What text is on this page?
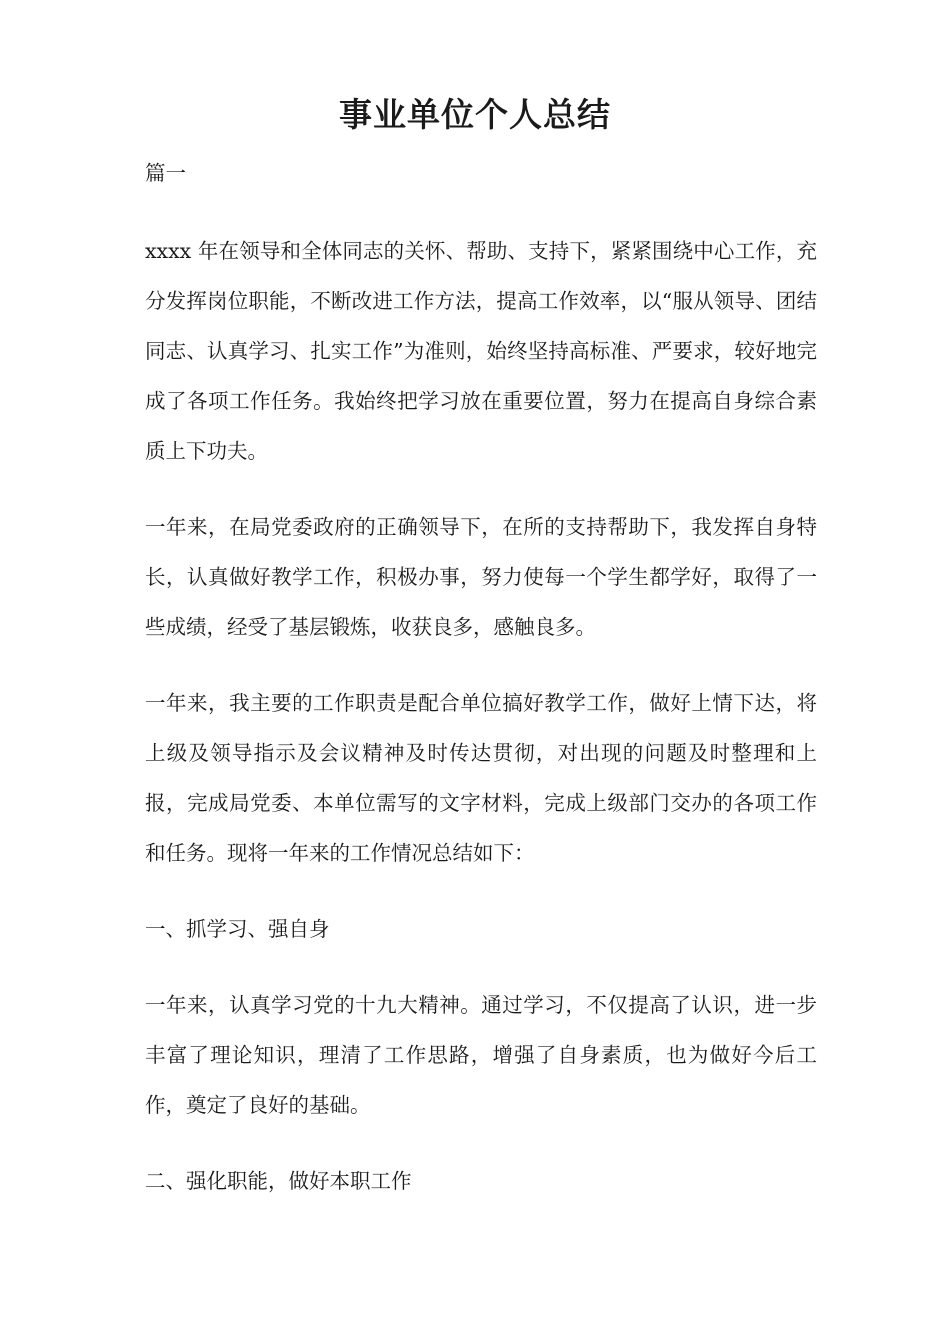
事业单位个人总结

篇一

xxxx 年在领导和全体同志的关怀、帮助、支持下，紧紧围绕中心工作，充分发挥岗位职能，不断改进工作方法，提高工作效率，以“服从领导、团结同志、认真学习、扎实工作”为准则，始终坚持高标准、严要求，较好地完成了各项工作任务。我始终把学习放在重要位置，努力在提高自身综合素质上下功夫。

一年来，在局党委政府的正确领导下，在所的支持帮助下，我发挥自身特长，认真做好教学工作，积极办事，努力使每一个学生都学好，取得了一些成绩，经受了基层锻炼，收获良多，感触良多。

一年来，我主要的工作职责是配合单位搞好教学工作，做好上情下达，将上级及领导指示及会议精神及时传达贯彻，对出现的问题及时整理和上报，完成局党委、本单位需写的文字材料，完成上级部门交办的各项工作和任务。现将一年来的工作情况总结如下：

一、抓学习、强自身

一年来，认真学习党的十九大精神。通过学习，不仅提高了认识，进一步丰富了理论知识，理清了工作思路，增强了自身素质，也为做好今后工作，奠定了良好的基础。

二、强化职能，做好本职工作
